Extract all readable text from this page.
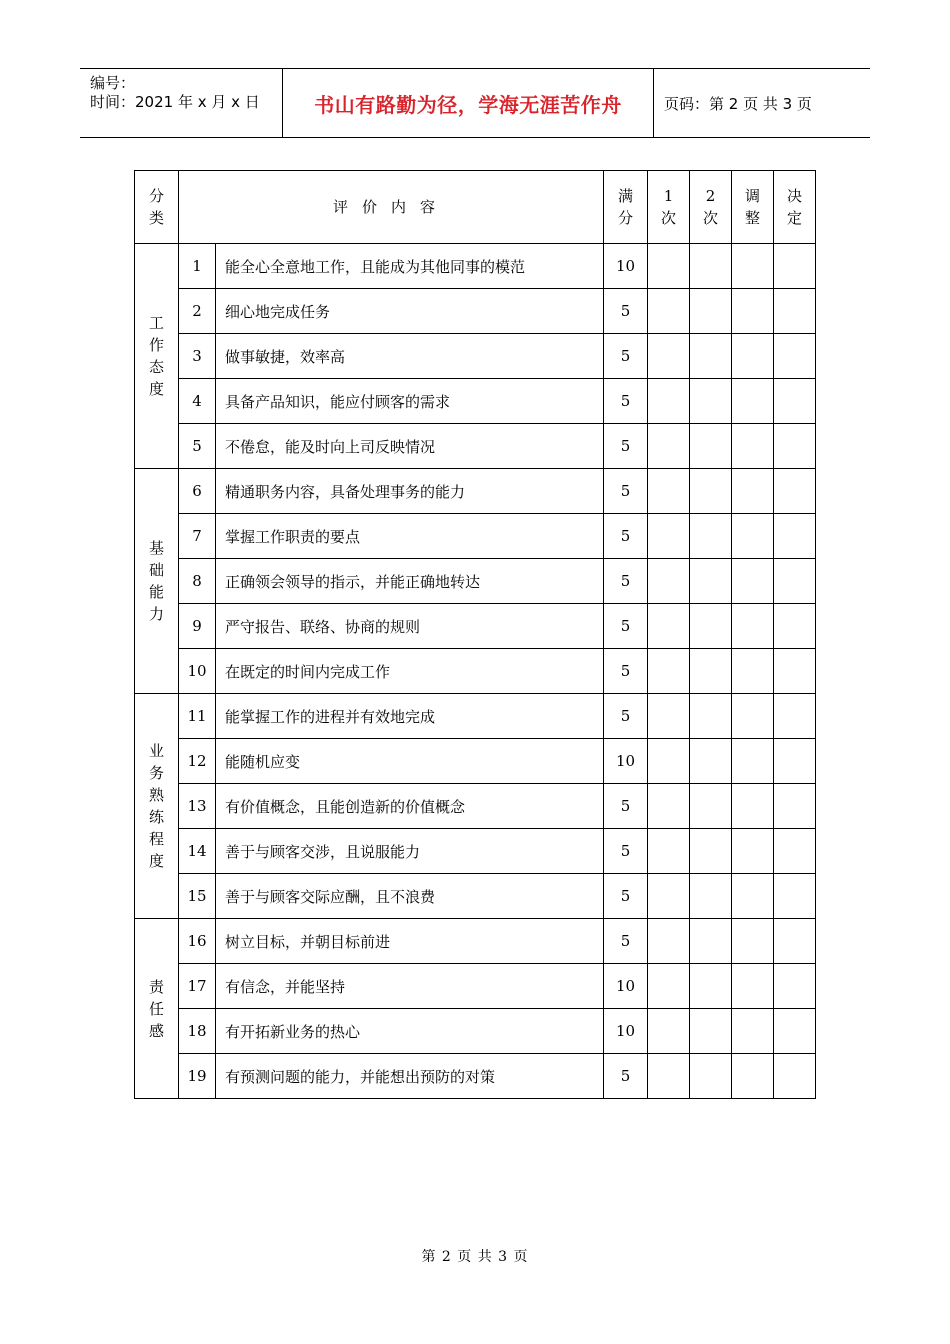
编号：
时间：2021 年 x 月 x 日	书山有路勤为径，学海无涯苦作舟	页码：第 2 页 共 3 页
分类	评价内容		满分	1次	2次	调整	决定
工作态度	1	能全心全意地工作，且能成为其他同事的模范	10				
	2	细心地完成任务	5				
	3	做事敏捷，效率高	5				
	4	具备产品知识，能应付顾客的需求	5				
	5	不倦怠，能及时向上司反映情况	5				
基础能力	6	精通职务内容，具备处理事务的能力	5				
	7	掌握工作职责的要点	5				
	8	正确领会领导的指示，并能正确地转达	5				
	9	严守报告、联络、协商的规则	5				
	10	在既定的时间内完成工作	5				
业务熟练程度	11	能掌握工作的进程并有效地完成	5				
	12	能随机应变	10				
	13	有价值概念，且能创造新的价值概念	5				
	14	善于与顾客交涉，且说服能力	5				
	15	善于与顾客交际应酬，且不浪费	5				
责任感	16	树立目标，并朝目标前进	5				
	17	有信念，并能坚持	10				
	18	有开拓新业务的热心	10				
	19	有预测问题的能力，并能想出预防的对策	5				
第 2 页 共 3 页
